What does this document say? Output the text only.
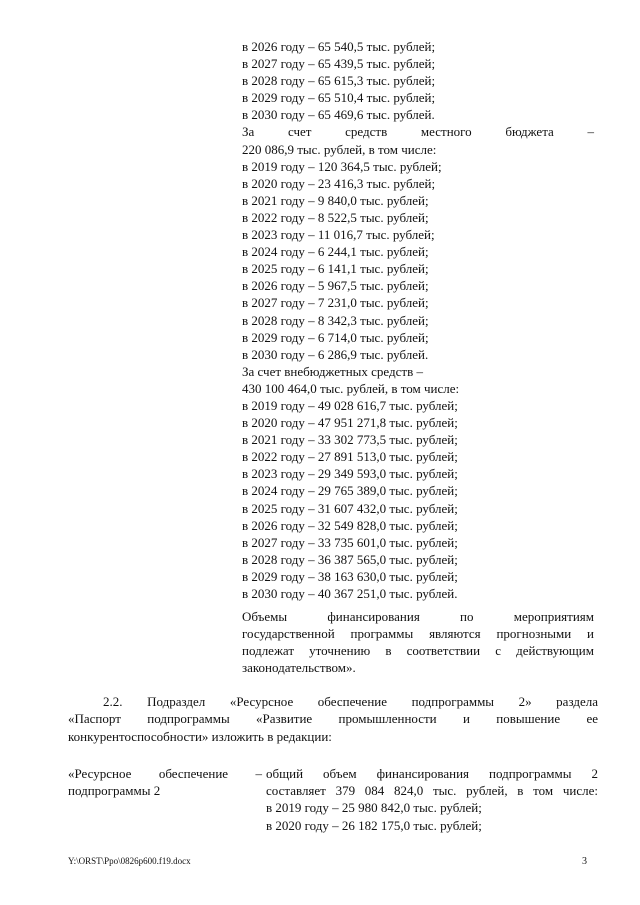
в 2026 году – 65 540,5 тыс. рублей;
в 2027 году – 65 439,5 тыс. рублей;
в 2028 году – 65 615,3 тыс. рублей;
в 2029 году – 65 510,4 тыс. рублей;
в 2030 году – 65 469,6 тыс. рублей.
За счет средств местного бюджета –
220 086,9 тыс. рублей, в том числе:
в 2019 году – 120 364,5 тыс. рублей;
в 2020 году – 23 416,3 тыс. рублей;
в 2021 году – 9 840,0 тыс. рублей;
в 2022 году – 8 522,5 тыс. рублей;
в 2023 году – 11 016,7 тыс. рублей;
в 2024 году – 6 244,1 тыс. рублей;
в 2025 году – 6 141,1 тыс. рублей;
в 2026 году – 5 967,5 тыс. рублей;
в 2027 году – 7 231,0 тыс. рублей;
в 2028 году – 8 342,3 тыс. рублей;
в 2029 году – 6 714,0 тыс. рублей;
в 2030 году – 6 286,9 тыс. рублей.
За счет внебюджетных средств –
430 100 464,0 тыс. рублей, в том числе:
в 2019 году – 49 028 616,7 тыс. рублей;
в 2020 году – 47 951 271,8 тыс. рублей;
в 2021 году – 33 302 773,5 тыс. рублей;
в 2022 году – 27 891 513,0 тыс. рублей;
в 2023 году – 29 349 593,0 тыс. рублей;
в 2024 году – 29 765 389,0 тыс. рублей;
в 2025 году – 31 607 432,0 тыс. рублей;
в 2026 году – 32 549 828,0 тыс. рублей;
в 2027 году – 33 735 601,0 тыс. рублей;
в 2028 году – 36 387 565,0 тыс. рублей;
в 2029 году – 38 163 630,0 тыс. рублей;
в 2030 году – 40 367 251,0 тыс. рублей.
Объемы финансирования по мероприятиям
государственной программы являются прогнозными и
подлежат уточнению в соответствии с действующим
законодательством».
2.2. Подраздел «Ресурсное обеспечение подпрограммы 2» раздела
«Паспорт подпрограммы «Развитие промышленности и повышение ее
конкурентоспособности» изложить в редакции:
«Ресурсное обеспечение –
подпрограммы 2
общий объем финансирования подпрограммы 2
составляет 379 084 824,0 тыс. рублей, в том числе:
в 2019 году – 25 980 842,0 тыс. рублей;
в 2020 году – 26 182 175,0 тыс. рублей;
Y:\ORST\Ppo\0826p600.f19.docx	3
